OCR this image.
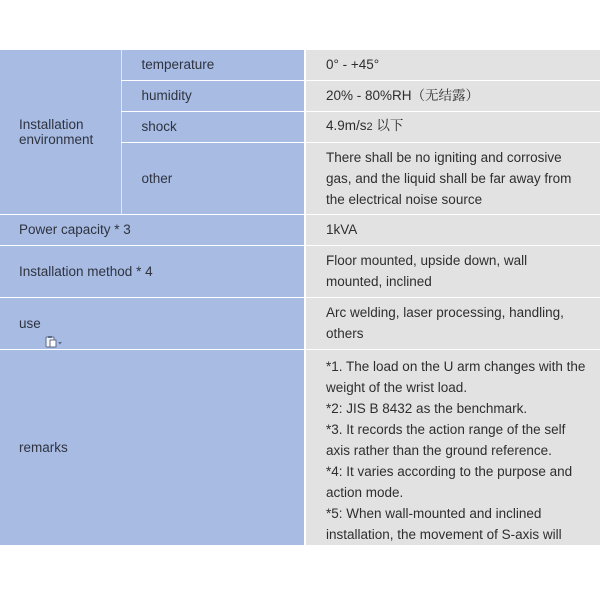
Installation environment	temperature	0° - +45°
	humidity	20% - 80%RH（无结露）
	shock	4.9m/s2 以下
	other	There shall be no igniting and corrosive gas, and the liquid shall be far away from the electrical noise source
Power capacity * 3		1kVA
Installation method * 4		Floor mounted, upside down, wall mounted, inclined
use		Arc welding, laser processing, handling, others
remarks		*1. The load on the U arm changes with the weight of the wrist load.
*2: JIS B 8432 as the benchmark.
*3. It records the action range of the self axis rather than the ground reference.
*4: It varies according to the purpose and action mode.
*5: When wall-mounted and inclined installation, the movement of S-axis will
